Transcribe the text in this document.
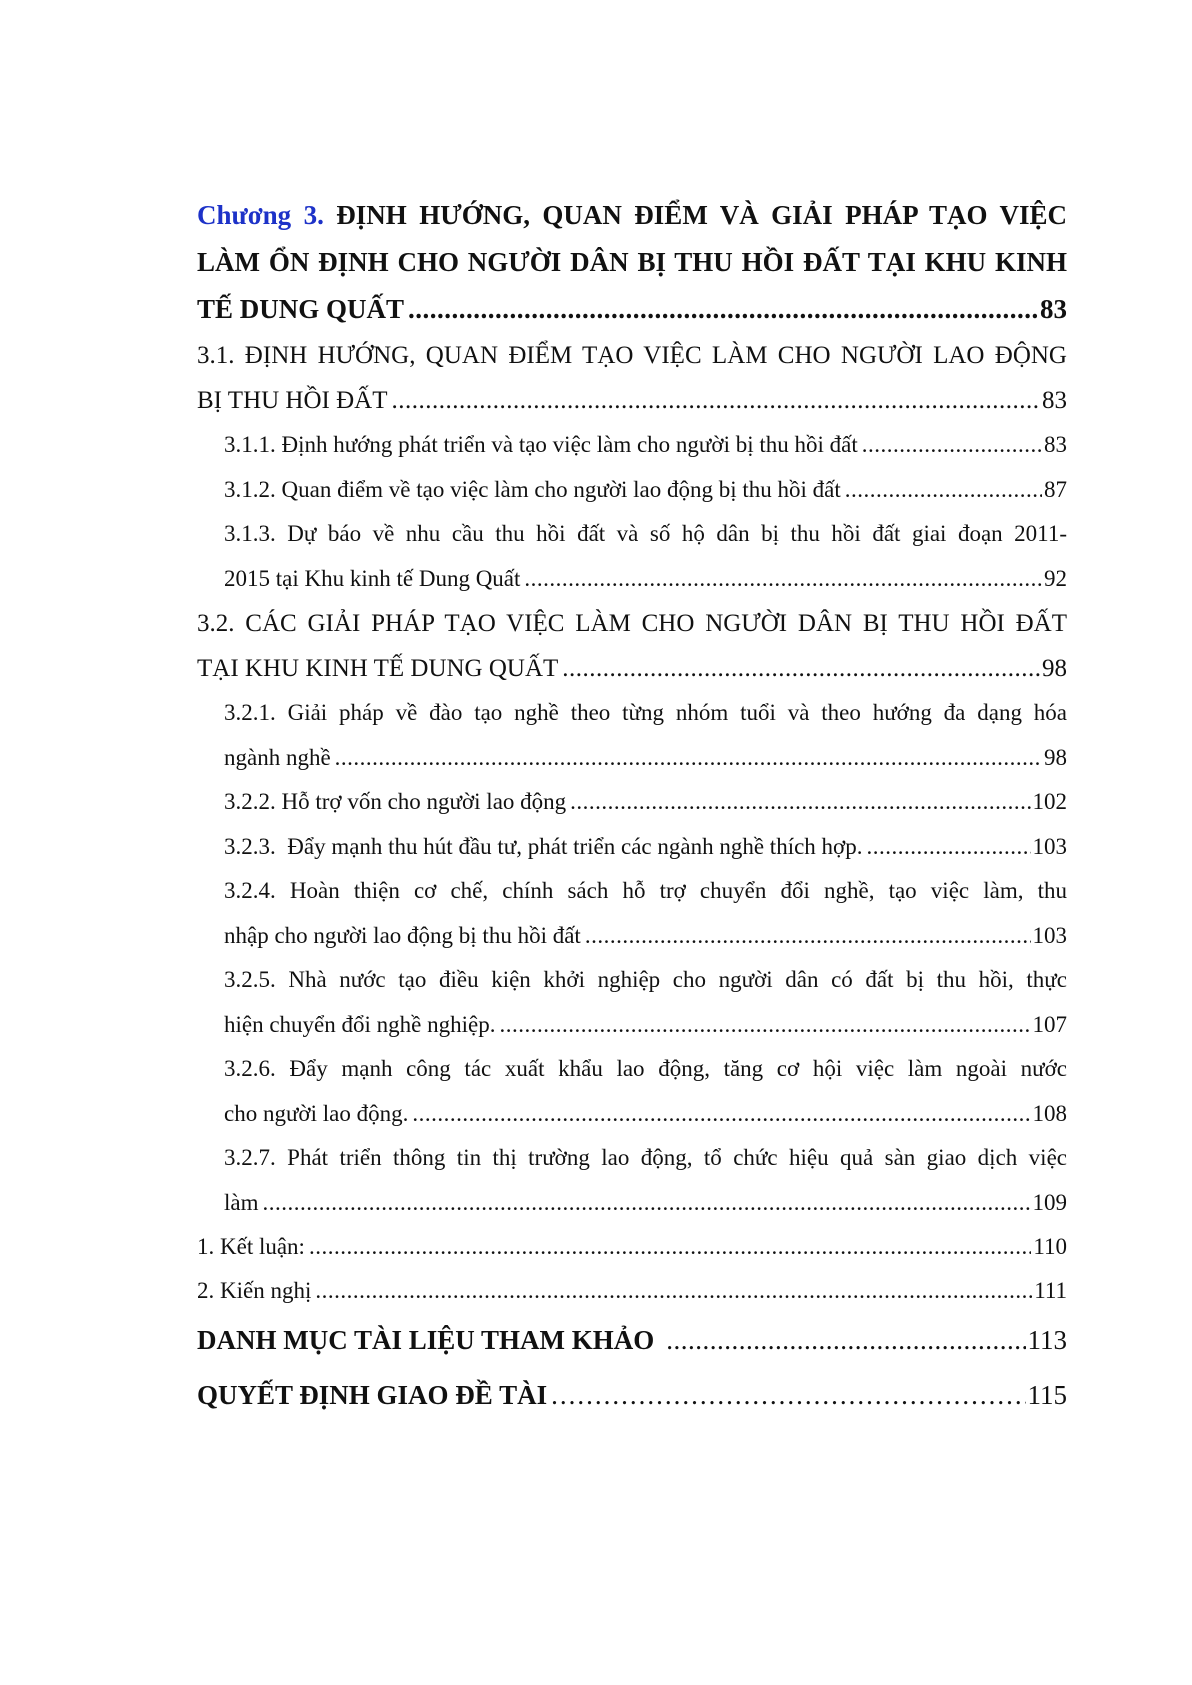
Chương 3. ĐỊNH HƯỚNG, QUAN ĐIỂM VÀ GIẢI PHÁP TẠO VIỆC
LÀM ỔN ĐỊNH CHO NGƯỜI DÂN BỊ THU HỒI ĐẤT TẠI KHU KINH
TẾ DUNG QUẤT .....	83
3.1. ĐỊNH HƯỚNG, QUAN ĐIỂM TẠO VIỆC LÀM CHO NGƯỜI LAO ĐỘNG
BỊ THU HỒI ĐẤT .....	83
3.1.1. Định hướng phát triển và tạo việc làm cho người bị thu hồi đất .....	83
3.1.2. Quan điểm về tạo việc làm cho người lao động bị thu hồi đất .....	87
3.1.3. Dự báo về nhu cầu thu hồi đất và số hộ dân bị thu hồi đất giai đoạn 2011-
2015 tại Khu kinh tế Dung Quất .....	92
3.2. CÁC GIẢI PHÁP TẠO VIỆC LÀM CHO NGƯỜI DÂN BỊ THU HỒI ĐẤT
TẠI KHU KINH TẾ DUNG QUẤT .....	98
3.2.1. Giải pháp về đào tạo nghề theo từng nhóm tuổi và theo hướng đa dạng hóa
ngành nghề .....	98
3.2.2. Hỗ trợ vốn cho người lao động .....	102
3.2.3.  Đẩy mạnh thu hút đầu tư, phát triển các ngành nghề thích hợp. .....	103
3.2.4. Hoàn thiện cơ chế, chính sách hỗ trợ chuyển đổi nghề, tạo việc làm, thu
nhập cho người lao động bị thu hồi đất .....	103
3.2.5. Nhà nước tạo điều kiện khởi nghiệp cho người dân có đất bị thu hồi, thực
hiện chuyển đổi nghề nghiệp. .....	107
3.2.6. Đẩy mạnh công tác xuất khẩu lao động, tăng cơ hội việc làm ngoài nước
cho người lao động. .....	108
3.2.7. Phát triển thông tin thị trường lao động, tổ chức hiệu quả sàn giao dịch việc
làm .....	109
1. Kết luận: .....	110
2. Kiến nghị .....	111
DANH MỤC TÀI LIỆU THAM KHẢO .....	113
QUYẾT ĐỊNH GIAO ĐỀ TÀI .....	115
